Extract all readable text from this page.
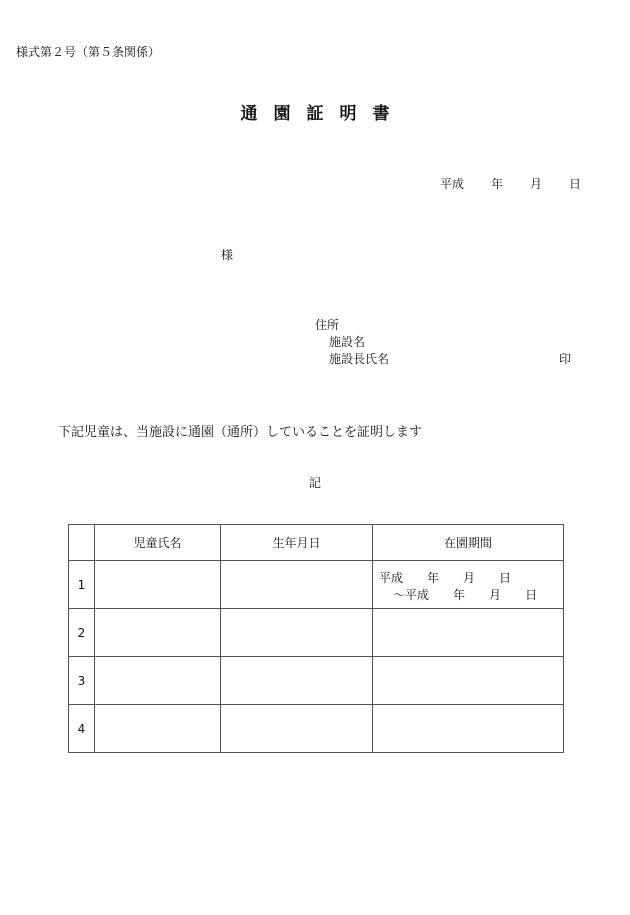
様式第２号（第５条関係）
通 園 証 明 書
平成 年 月 日
様
住所
施設名
施設長氏名	印
下記児童は、当施設に通園（通所）していることを証明します
記
	児童氏名	生年月日	在園期間
1			平成 年 月 日
〜平成 年 月 日

2			
3			
4			
